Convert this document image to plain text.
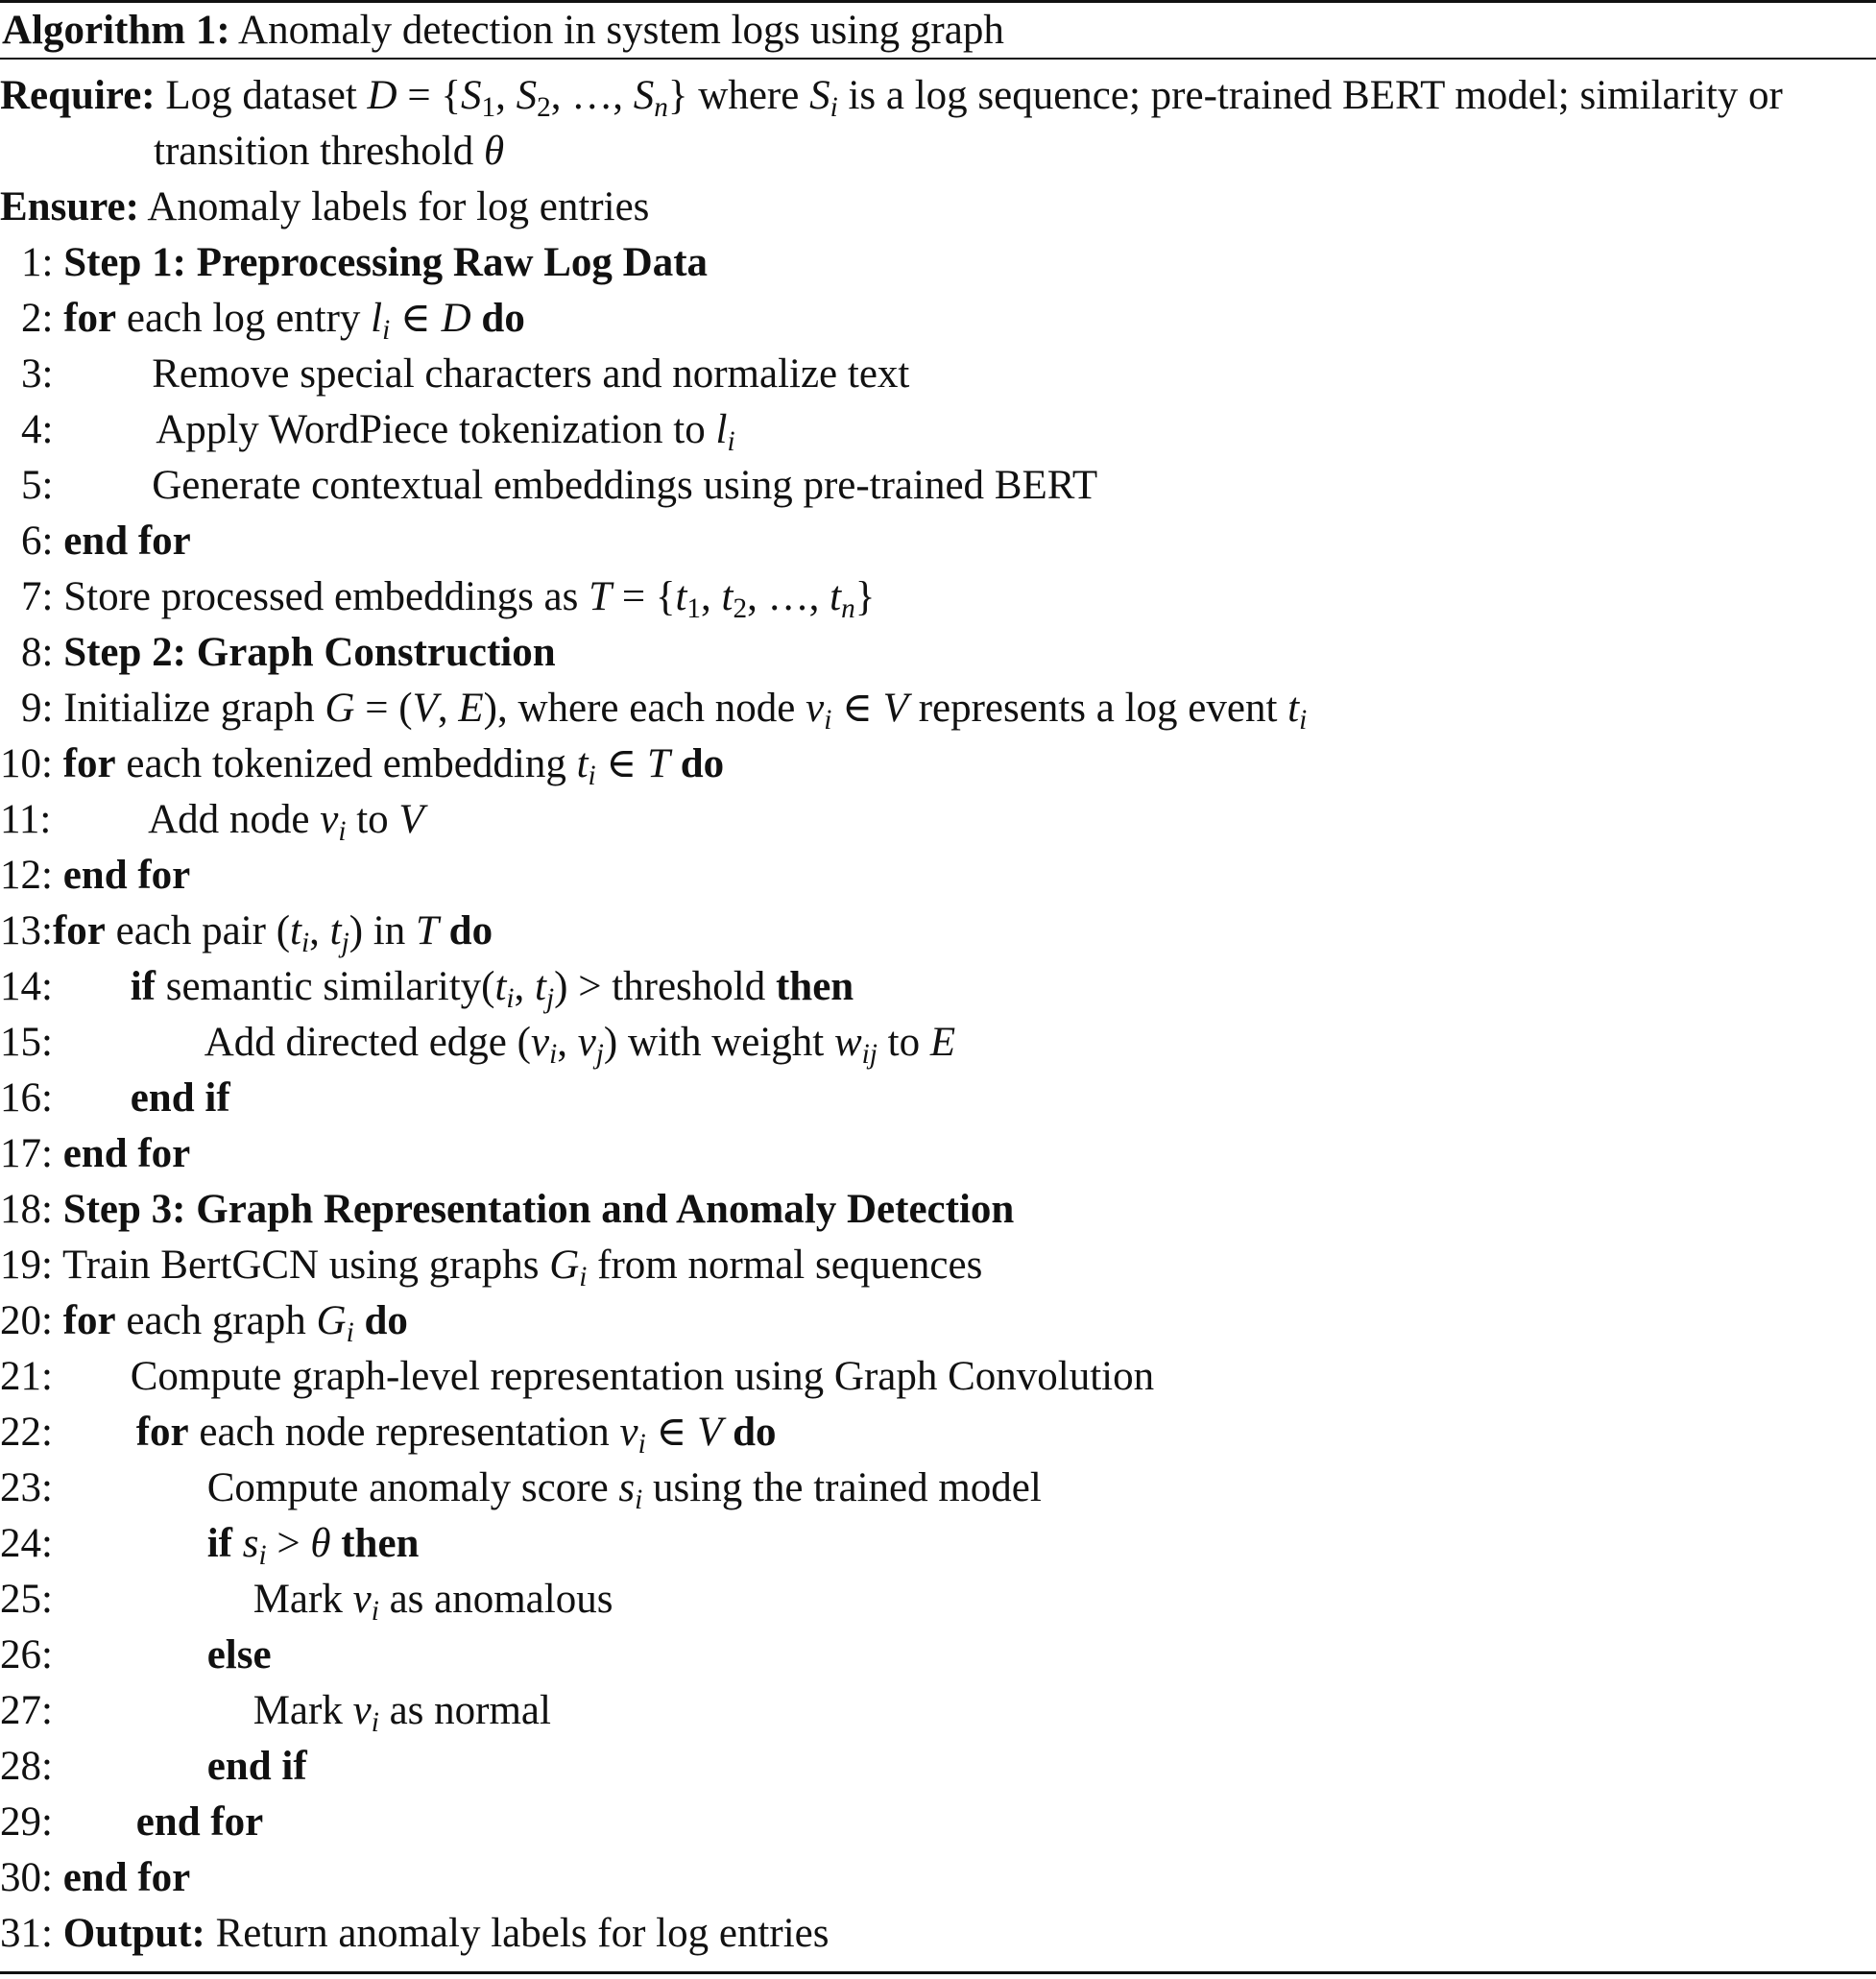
Algorithm 1: Anomaly detection in system logs using graph
Require: Log dataset $D = \{S_1$, $S_2$, …, $S_n$} where $S_i$ is a log sequence; pre-trained BERT model; similarity or
transition threshold θ
Ensure: Anomaly labels for log entries
1: Step 1: Preprocessing Raw Log Data
2: for each log entry $l_i$ ∈ D do
3: Remove special characters and normalize text
4: Apply WordPiece tokenization to $l_i$
5: Generate contextual embeddings using pre-trained BERT
6: end for
7: Store processed embeddings as $T = \{t_1$, $t_2$, …, $t_n$}
8: Step 2: Graph Construction
9: Initialize graph G = (V, E), where each node $v_i$ ∈ V represents a log event $t_i$
10: for each tokenized embedding $t_i$ ∈ T do
11: Add node $v_i$ to V
12: end for
13:for each pair ($t_i$, $t_j$) in T do
14: if semantic $similarity(t_i$, $t_j$) > threshold then
15:	Add directed edge ($v_i$, $v_j$) with weight $w_{ij}$ to E
16: end if
17: end for
18: Step 3: Graph Representation and Anomaly Detection
19: Train BertGCN using graphs $G_i$ from normal sequences
20: for each graph $G_i$ do
21: Compute graph-level representation using Graph Convolution
22: for each node representation $v_i$ ∈ V do
23:	Compute anomaly score $s_i$ using the trained model
24:	if $s_i > \theta$ then
25:	Mark $v_i$ as anomalous
26:	else
27:	Mark $v_i$ as normal
28:	end if
29: end for
30: end for
31: Output: Return anomaly labels for log entries
